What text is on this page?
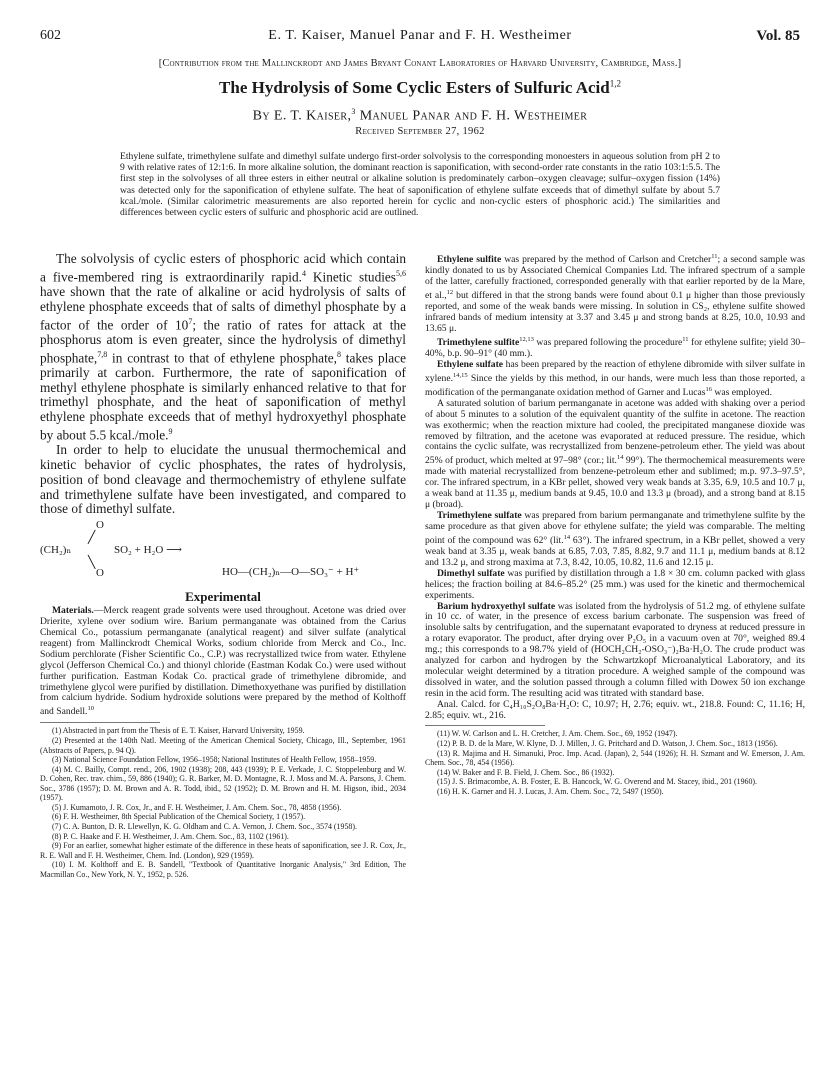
602	E. T. Kaiser, Manuel Panar and F. H. Westheimer	Vol. 85
[Contribution from the Mallinckrodt and James Bryant Conant Laboratories of Harvard University, Cambridge, Mass.]
The Hydrolysis of Some Cyclic Esters of Sulfuric Acid$^{1,2}$
By E. T. Kaiser,$^3$ Manuel Panar and F. H. Westheimer
Received September 27, 1962
Ethylene sulfate, trimethylene sulfate and dimethyl sulfate undergo first-order solvolysis to the corresponding monoesters in aqueous solution from pH 2 to 9 with relative rates of 12:1:6. In more alkaline solution, the dominant reaction is saponification, with second-order rate constants in the ratio 103:1:5.5. The first step in the solvolyses of all three esters in either neutral or alkaline solution is predominately carbon–oxygen cleavage; sulfur–oxygen fission (14%) was detected only for the saponification of ethylene sulfate. The heat of saponification of ethylene sulfate exceeds that of dimethyl sulfate by about 5.7 kcal./mole. (Similar calorimetric measurements are also reported herein for cyclic and non-cyclic esters of phosphoric acid.) The similarities and differences between cyclic esters of sulfuric and phosphoric acid are outlined.

The solvolysis of cyclic esters of phosphoric acid which contain a five-membered ring is extraordinarily rapid.$^4$ Kinetic studies$^{5,6}$ have shown that the rate of alkaline or acid hydrolysis of salts of ethylene phosphate exceeds that of salts of dimethyl phosphate by a factor of the order of $10^7$; the ratio of rates for attack at the phosphorus atom is even greater, since the hydrolysis of dimethyl phosphate,$^{7,8}$ in contrast to that of ethylene phosphate,$^8$ takes place primarily at carbon. Furthermore, the rate of saponification of methyl ethylene phosphate is similarly enhanced relative to that for trimethyl phosphate, and the heat of saponification of methyl ethylene phosphate exceeds that of methyl hydroxyethyl phosphate by about 5.5 kcal./mole.$^9$

In order to help to elucidate the unusual thermochemical and kinetic behavior of cyclic phosphates, the rates of hydrolysis, position of bond cleavage and thermochemistry of ethylene sulfate and trimethylene sulfate have been investigated, and compared to those of dimethyl sulfate.

O
╱
(CH₂)ₙ	SO₂ + H₂O ⟶
╲
O	HO—(CH₂)ₙ—O—SO₃⁻ + H⁺
Experimental

Materials.—Merck reagent grade solvents were used throughout. Acetone was dried over Drierite, xylene over sodium wire. Barium permanganate was obtained from the Carius Chemical Co., potassium permanganate (analytical reagent) and silver sulfate (analytical reagent) from Mallinckrodt Chemical Works, sodium chloride from Merck and Co., Inc. Sodium perchlorate (Fisher Scientific Co., C.P.) was recrystallized twice from water. Ethylene glycol (Jefferson Chemical Co.) and thionyl chloride (Eastman Kodak Co.) were used without further purification. Eastman Kodak Co. practical grade of trimethylene dibromide, and trimethylene glycol were purified by distillation. Dimethoxyethane was purified by distillation from calcium hydride. Sodium hydroxide solutions were prepared by the method of Kolthoff and Sandell.$^{10}$

(1) Abstracted in part from the Thesis of E. T. Kaiser, Harvard University, 1959.

(2) Presented at the 140th Natl. Meeting of the American Chemical Society, Chicago, Ill., September, 1961 (Abstracts of Papers, p. 94 Q).

(3) National Science Foundation Fellow, 1956–1958; National Institutes of Health Fellow, 1958–1959.

(4) M. C. Bailly, Compt. rend., 206, 1902 (1938); 208, 443 (1939); P. E. Verkade, J. C. Stoppelenburg and W. D. Cohen, Rec. trav. chim., 59, 886 (1940); G. R. Barker, M. D. Montagne, R. J. Moss and M. A. Parsons, J. Chem. Soc., 3786 (1957); D. M. Brown and A. R. Todd, ibid., 52 (1952); D. M. Brown and H. M. Higson, ibid., 2034 (1957).

(5) J. Kumamoto, J. R. Cox, Jr., and F. H. Westheimer, J. Am. Chem. Soc., 78, 4858 (1956).

(6) F. H. Westheimer, 8th Special Publication of the Chemical Society, 1 (1957).

(7) C. A. Bunton, D. R. Llewellyn, K. G. Oldham and C. A. Vernon, J. Chem. Soc., 3574 (1958).

(8) P. C. Haake and F. H. Westheimer, J. Am. Chem. Soc., 83, 1102 (1961).

(9) For an earlier, somewhat higher estimate of the difference in these heats of saponification, see J. R. Cox, Jr., R. E. Wall and F. H. Westheimer, Chem. Ind. (London), 929 (1959).

(10) I. M. Kolthoff and E. B. Sandell, "Textbook of Quantitative Inorganic Analysis," 3rd Edition, The Macmillan Co., New York, N. Y., 1952, p. 526.

Ethylene sulfite was prepared by the method of Carlson and Cretcher$^{11}$; a second sample was kindly donated to us by Associated Chemical Companies Ltd. The infrared spectrum of a sample of the latter, carefully fractioned, corresponded generally with that earlier reported by de la Mare, et al.,$^{12}$ but differed in that the strong bands were found about 0.1 μ higher than those previously reported, and some of the weak bands were missing. In solution in CS₂, ethylene sulfite showed infrared bands of medium intensity at 3.37 and 3.45 μ and strong bands at 8.25, 10.0, 10.93 and 13.65 μ.

Trimethylene sulfite$^{12,13}$ was prepared following the procedure$^{11}$ for ethylene sulfite; yield 30–40%, b.p. 90–91° (40 mm.).

Ethylene sulfate has been prepared by the reaction of ethylene dibromide with silver sulfate in xylene.$^{14,15}$ Since the yields by this method, in our hands, were much less than those reported, a modification of the permanganate oxidation method of Garner and Lucas$^{16}$ was employed.

A saturated solution of barium permanganate in acetone was added with shaking over a period of about 5 minutes to a solution of the equivalent quantity of the sulfite in acetone. The reaction was exothermic; when the reaction mixture had cooled, the precipitated manganese dioxide was removed by filtration, and the acetone was evaporated at reduced pressure. The residue, which contains the cyclic sulfate, was recrystallized from benzene-petroleum ether. The yield was about 25% of product, which melted at 97–98° (cor.; lit.$^{14}$ 99°). The thermochemical measurements were made with material recrystallized from benzene-petroleum ether and sublimed; m.p. 97.3–97.5°, cor. The infrared spectrum, in a KBr pellet, showed very weak bands at 3.35, 6.9, 10.5 and 10.7 μ, a weak band at 11.35 μ, medium bands at 9.45, 10.0 and 13.3 μ (broad), and a strong band at 8.15 μ (broad).

Trimethylene sulfate was prepared from barium permanganate and trimethylene sulfite by the same procedure as that given above for ethylene sulfate; the yield was comparable. The melting point of the compound was 62° (lit.$^{14}$ 63°). The infrared spectrum, in a KBr pellet, showed a very weak band at 3.35 μ, weak bands at 6.85, 7.03, 7.85, 8.82, 9.7 and 11.1 μ, medium bands at 8.12 and 13.2 μ, and strong maxima at 7.3, 8.42, 10.05, 10.82, 11.6 and 12.15 μ.

Dimethyl sulfate was purified by distillation through a 1.8 × 30 cm. column packed with glass helices; the fraction boiling at 84.6–85.2° (25 mm.) was used for the kinetic and thermochemical experiments.

Barium hydroxyethyl sulfate was isolated from the hydrolysis of 51.2 mg. of ethylene sulfate in 10 cc. of water, in the presence of excess barium carbonate. The suspension was freed of insoluble salts by centrifugation, and the supernatant evaporated to dryness at reduced pressure in a rotary evaporator. The product, after drying over P₂O₅ in a vacuum oven at 70°, weighed 89.4 mg.; this corresponds to a 98.7% yield of (HOCH₂CH₂-OSO₃⁻)₂Ba·H₂O. The crude product was analyzed for carbon and hydrogen by the Schwartzkopf Microanalytical Laboratory, and its molecular weight determined by a titration procedure. A weighed sample of the compound was dissolved in water, and the solution passed through a column filled with Dowex 50 ion exchange resin in the acid form. The resulting acid was titrated with standard base.

Anal. Calcd. for C₄H₁₀S₂O₈Ba·H₂O: C, 10.97; H, 2.76; equiv. wt., 218.8. Found: C, 11.16; H, 2.85; equiv. wt., 216.

(11) W. W. Carlson and L. H. Cretcher, J. Am. Chem. Soc., 69, 1952 (1947).

(12) P. B. D. de la Mare, W. Klyne, D. J. Millen, J. G. Pritchard and D. Watson, J. Chem. Soc., 1813 (1956).

(13) R. Majima and H. Simanuki, Proc. Imp. Acad. (Japan), 2, 544 (1926); H. H. Szmant and W. Emerson, J. Am. Chem. Soc., 78, 454 (1956).

(14) W. Baker and F. B. Field, J. Chem. Soc., 86 (1932).

(15) J. S. Brimacombe, A. B. Foster, E. B. Hancock, W. G. Overend and M. Stacey, ibid., 201 (1960).

(16) H. K. Garner and H. J. Lucas, J. Am. Chem. Soc., 72, 5497 (1950).
